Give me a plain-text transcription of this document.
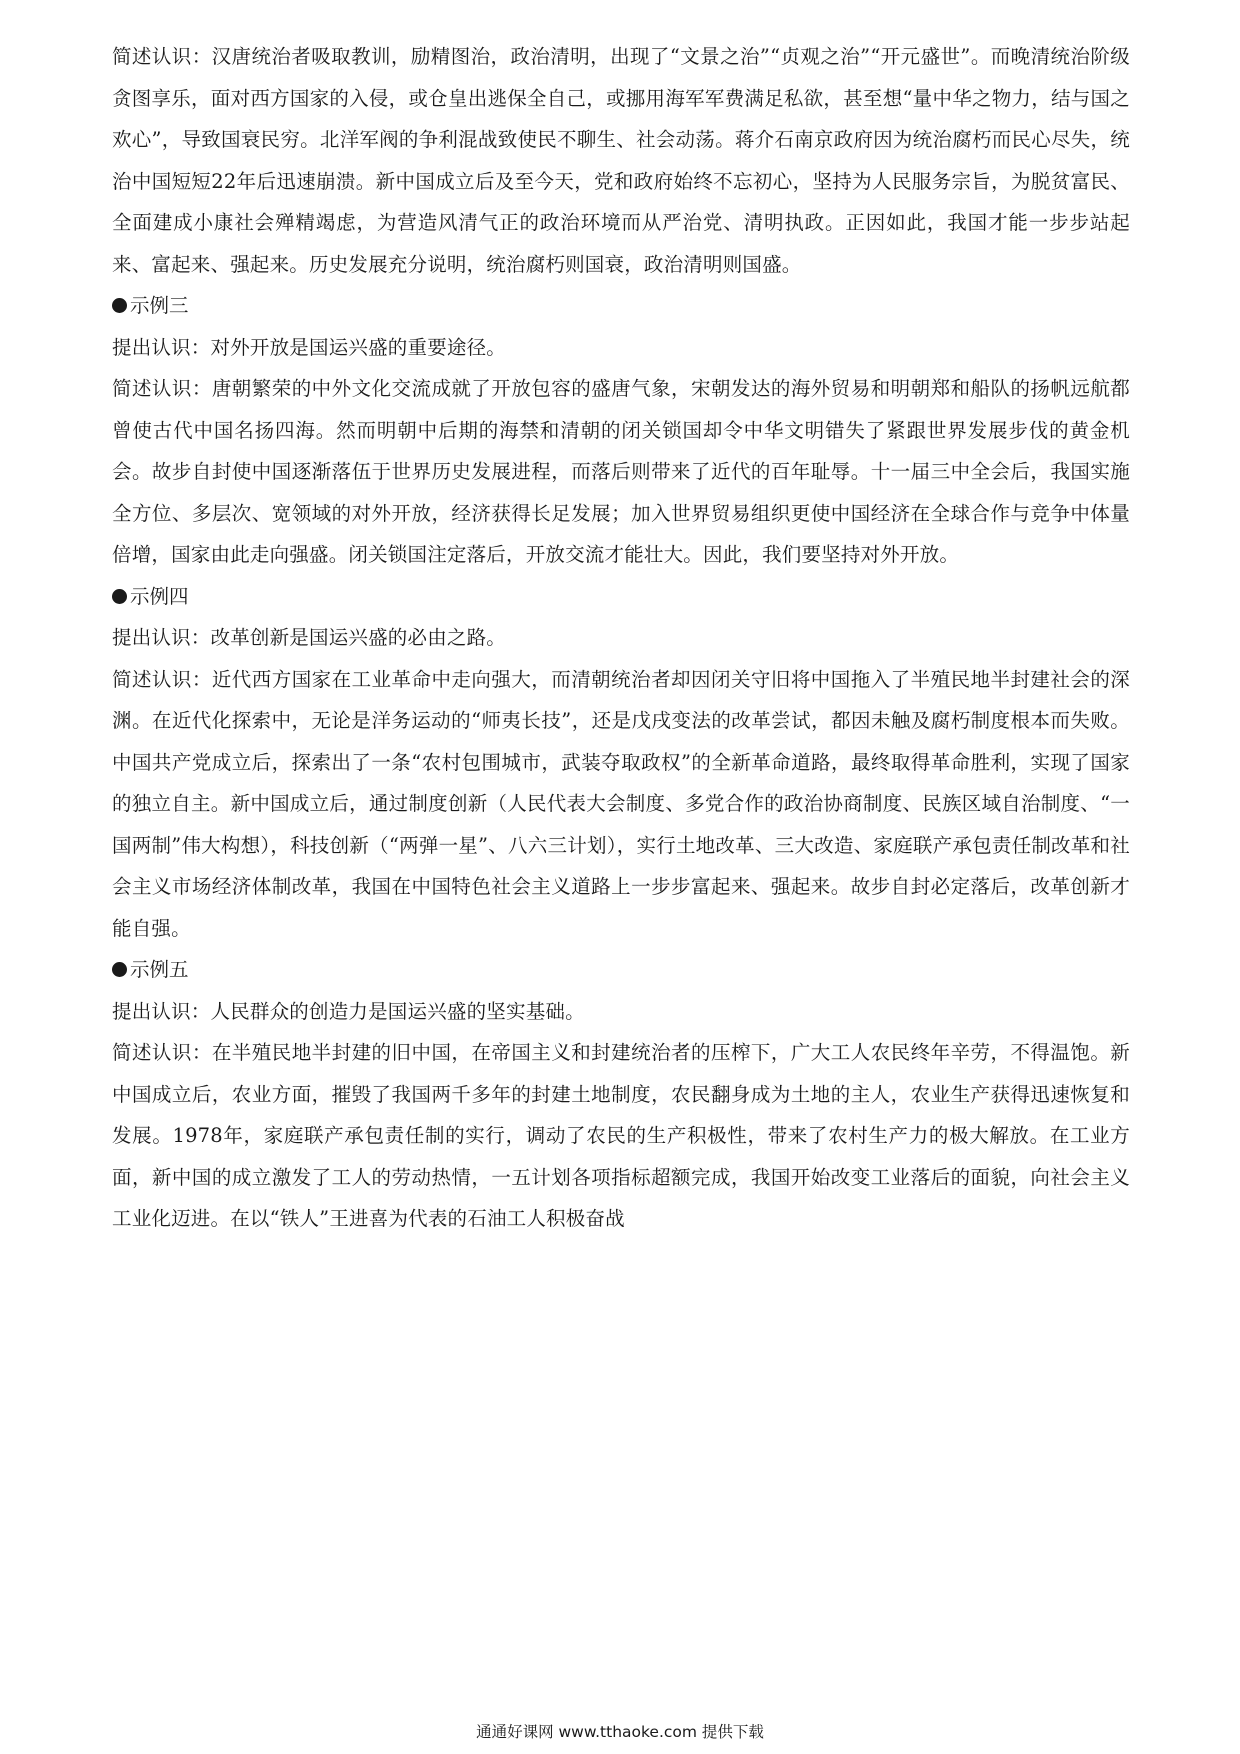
简述认识：汉唐统治者吸取教训，励精图治，政治清明，出现了“文景之治”“贞观之治”“开元盛世”。而晚清统治阶级贪图享乐，面对西方国家的入侵，或仓皇出逃保全自己，或挪用海军军费满足私欲，甚至想“量中华之物力，结与国之欢心”，导致国衰民穷。北洋军阀的争利混战致使民不聊生、社会动荡。蒋介石南京政府因为统治腐朽而民心尽失，统治中国短短22年后迅速崩溃。新中国成立后及至今天，党和政府始终不忘初心，坚持为人民服务宗旨，为脱贫富民、全面建成小康社会殚精竭虑，为营造风清气正的政治环境而从严治党、清明执政。正因如此，我国才能一步步站起来、富起来、强起来。历史发展充分说明，统治腐朽则国衰，政治清明则国盛。

示例三

提出认识：对外开放是国运兴盛的重要途径。

简述认识：唐朝繁荣的中外文化交流成就了开放包容的盛唐气象，宋朝发达的海外贸易和明朝郑和船队的扬帆远航都曾使古代中国名扬四海。然而明朝中后期的海禁和清朝的闭关锁国却令中华文明错失了紧跟世界发展步伐的黄金机会。故步自封使中国逐渐落伍于世界历史发展进程，而落后则带来了近代的百年耻辱。十一届三中全会后，我国实施全方位、多层次、宽领域的对外开放，经济获得长足发展；加入世界贸易组织更使中国经济在全球合作与竞争中体量倍增，国家由此走向强盛。闭关锁国注定落后，开放交流才能壮大。因此，我们要坚持对外开放。

示例四

提出认识：改革创新是国运兴盛的必由之路。

简述认识：近代西方国家在工业革命中走向强大，而清朝统治者却因闭关守旧将中国拖入了半殖民地半封建社会的深渊。在近代化探索中，无论是洋务运动的“师夷长技”，还是戊戌变法的改革尝试，都因未触及腐朽制度根本而失败。中国共产党成立后，探索出了一条“农村包围城市，武装夺取政权”的全新革命道路，最终取得革命胜利，实现了国家的独立自主。新中国成立后，通过制度创新（人民代表大会制度、多党合作的政治协商制度、民族区域自治制度、“一国两制”伟大构想），科技创新（“两弹一星”、八六三计划），实行土地改革、三大改造、家庭联产承包责任制改革和社会主义市场经济体制改革，我国在中国特色社会主义道路上一步步富起来、强起来。故步自封必定落后，改革创新才能自强。

示例五

提出认识：人民群众的创造力是国运兴盛的坚实基础。

简述认识：在半殖民地半封建的旧中国，在帝国主义和封建统治者的压榨下，广大工人农民终年辛劳，不得温饱。新中国成立后，农业方面，摧毁了我国两千多年的封建土地制度，农民翻身成为土地的主人，农业生产获得迅速恢复和发展。1978年，家庭联产承包责任制的实行，调动了农民的生产积极性，带来了农村生产力的极大解放。在工业方面，新中国的成立激发了工人的劳动热情，一五计划各项指标超额完成，我国开始改变工业落后的面貌，向社会主义工业化迈进。在以“铁人”王进喜为代表的石油工人积极奋战

通通好课网 www.tthaoke.com 提供下载
